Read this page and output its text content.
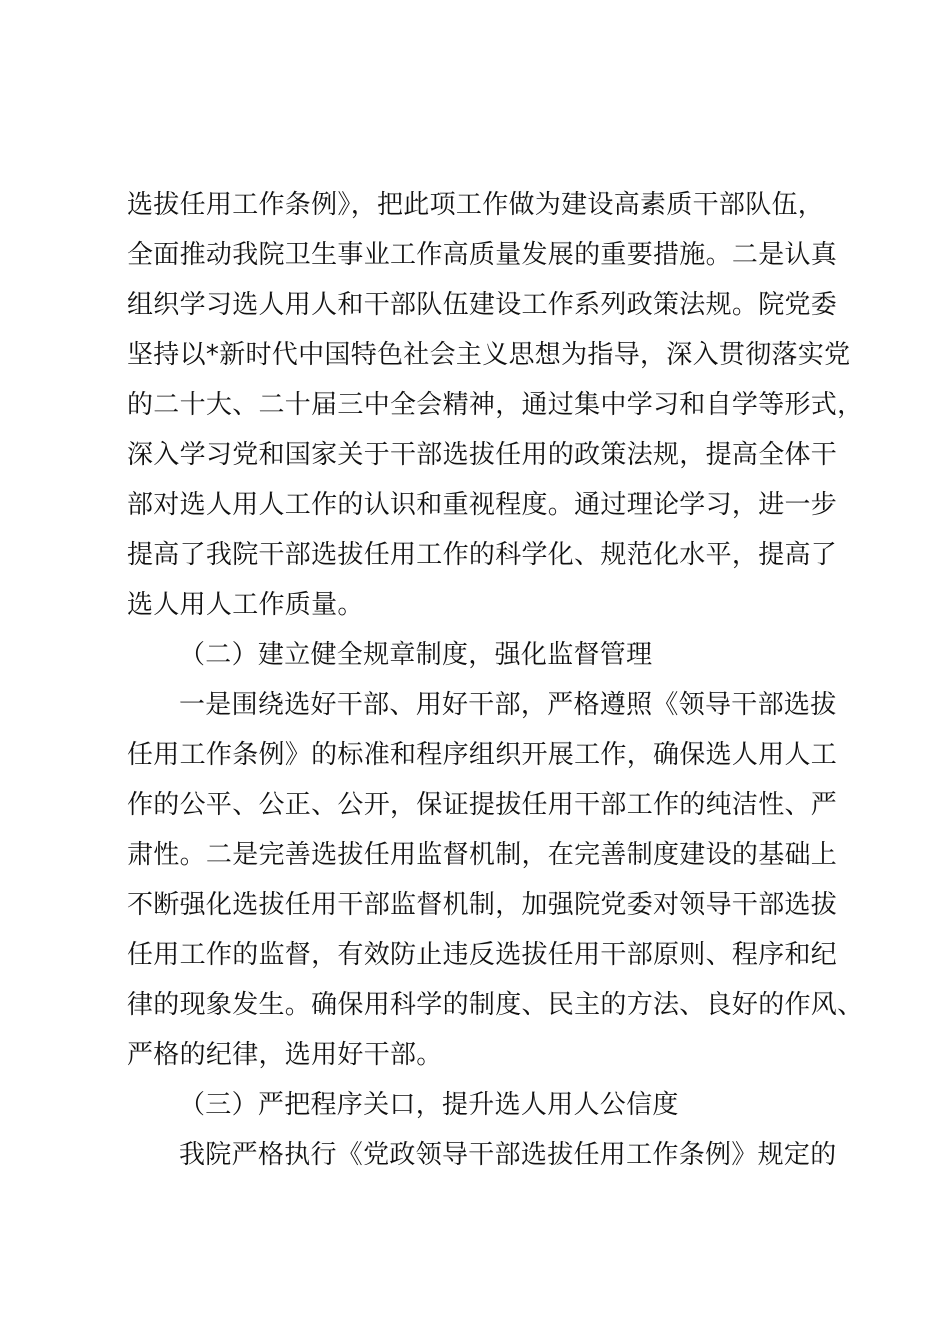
选拔任用工作条例》，把此项工作做为建设高素质干部队伍，
全面推动我院卫生事业工作高质量发展的重要措施。二是认真
组织学习选人用人和干部队伍建设工作系列政策法规。院党委
坚持以*新时代中国特色社会主义思想为指导，深入贯彻落实党
的二十大、二十届三中全会精神，通过集中学习和自学等形式，
深入学习党和国家关于干部选拔任用的政策法规，提高全体干
部对选人用人工作的认识和重视程度。通过理论学习，进一步
提高了我院干部选拔任用工作的科学化、规范化水平，提高了
选人用人工作质量。
（二）建立健全规章制度，强化监督管理
一是围绕选好干部、用好干部，严格遵照《领导干部选拔
任用工作条例》的标准和程序组织开展工作，确保选人用人工
作的公平、公正、公开，保证提拔任用干部工作的纯洁性、严
肃性。二是完善选拔任用监督机制，在完善制度建设的基础上
不断强化选拔任用干部监督机制，加强院党委对领导干部选拔
任用工作的监督，有效防止违反选拔任用干部原则、程序和纪
律的现象发生。确保用科学的制度、民主的方法、良好的作风、
严格的纪律，选用好干部。
（三）严把程序关口，提升选人用人公信度
我院严格执行《党政领导干部选拔任用工作条例》规定的
